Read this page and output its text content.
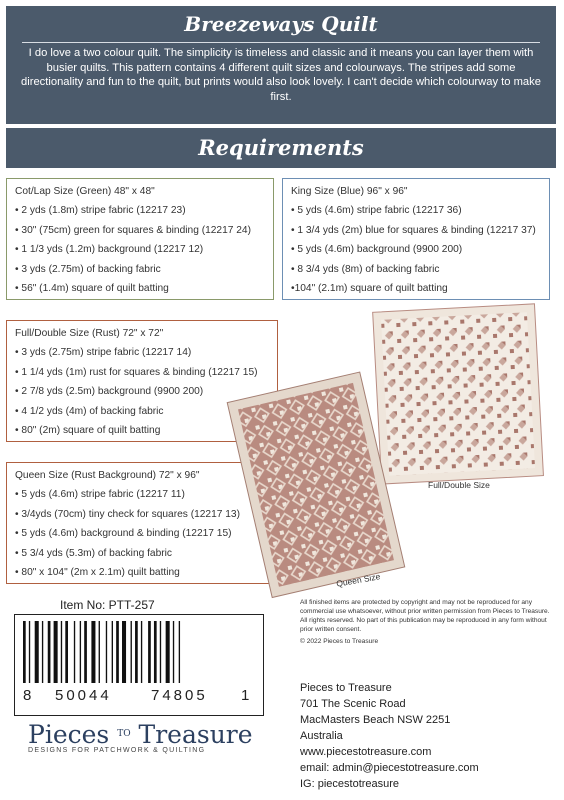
Breezeways Quilt
I do love a two colour quilt. The simplicity is timeless and classic and it means you can layer them with busier quilts. This pattern contains 4 different quilt sizes and colourways. The stripes add some directionality and fun to the quilt, but prints would also look lovely. I can't decide which colourway to make first.
Requirements
Cot/Lap Size (Green) 48" x 48"
• 2 yds (1.8m) stripe fabric (12217 23)
• 30" (75cm) green for squares & binding (12217 24)
• 1 1/3 yds (1.2m) background (12217 12)
• 3 yds (2.75m) of backing fabric
• 56" (1.4m) square of quilt batting
King Size (Blue) 96" x 96"
• 5 yds (4.6m) stripe fabric (12217 36)
• 1 3/4 yds (2m) blue for squares & binding (12217 37)
• 5 yds (4.6m) background (9900 200)
• 8 3/4 yds (8m) of backing fabric
•104" (2.1m) square of quilt batting
Full/Double Size (Rust) 72" x 72"
• 3 yds (2.75m) stripe fabric (12217 14)
• 1 1/4 yds (1m) rust for squares & binding (12217 15)
• 2 7/8 yds (2.5m) background (9900 200)
• 4 1/2 yds (4m) of backing fabric
• 80" (2m) square of quilt batting
Queen Size (Rust Background) 72" x 96"
• 5 yds (4.6m) stripe fabric (12217 11)
• 3/4yds (70cm) tiny check for squares (12217 13)
• 5 yds (4.6m) background & binding (12217 15)
• 5 3/4 yds (5.3m) of backing fabric
• 80" x 104" (2m x 2.1m) quilt batting
Full/Double Size
Queen Size
Item No: PTT-257
8 50044	74805 1
All finished items are protected by copyright and may not be reproduced for any commercial use whatsoever, without prior written permission from Pieces to Treasure. All rights reserved. No part of this publication may be reproduced in any form without prior written consent.
© 2022 Pieces to Treasure
Pieces to Treasure
701 The Scenic Road
MacMasters Beach NSW 2251
Australia
www.piecestotreasure.com
email: admin@piecestotreasure.com
IG: piecestotreasure
Pieces $^{TO}$ Treasure
DESIGNS FOR PATCHWORK & QUILTING
